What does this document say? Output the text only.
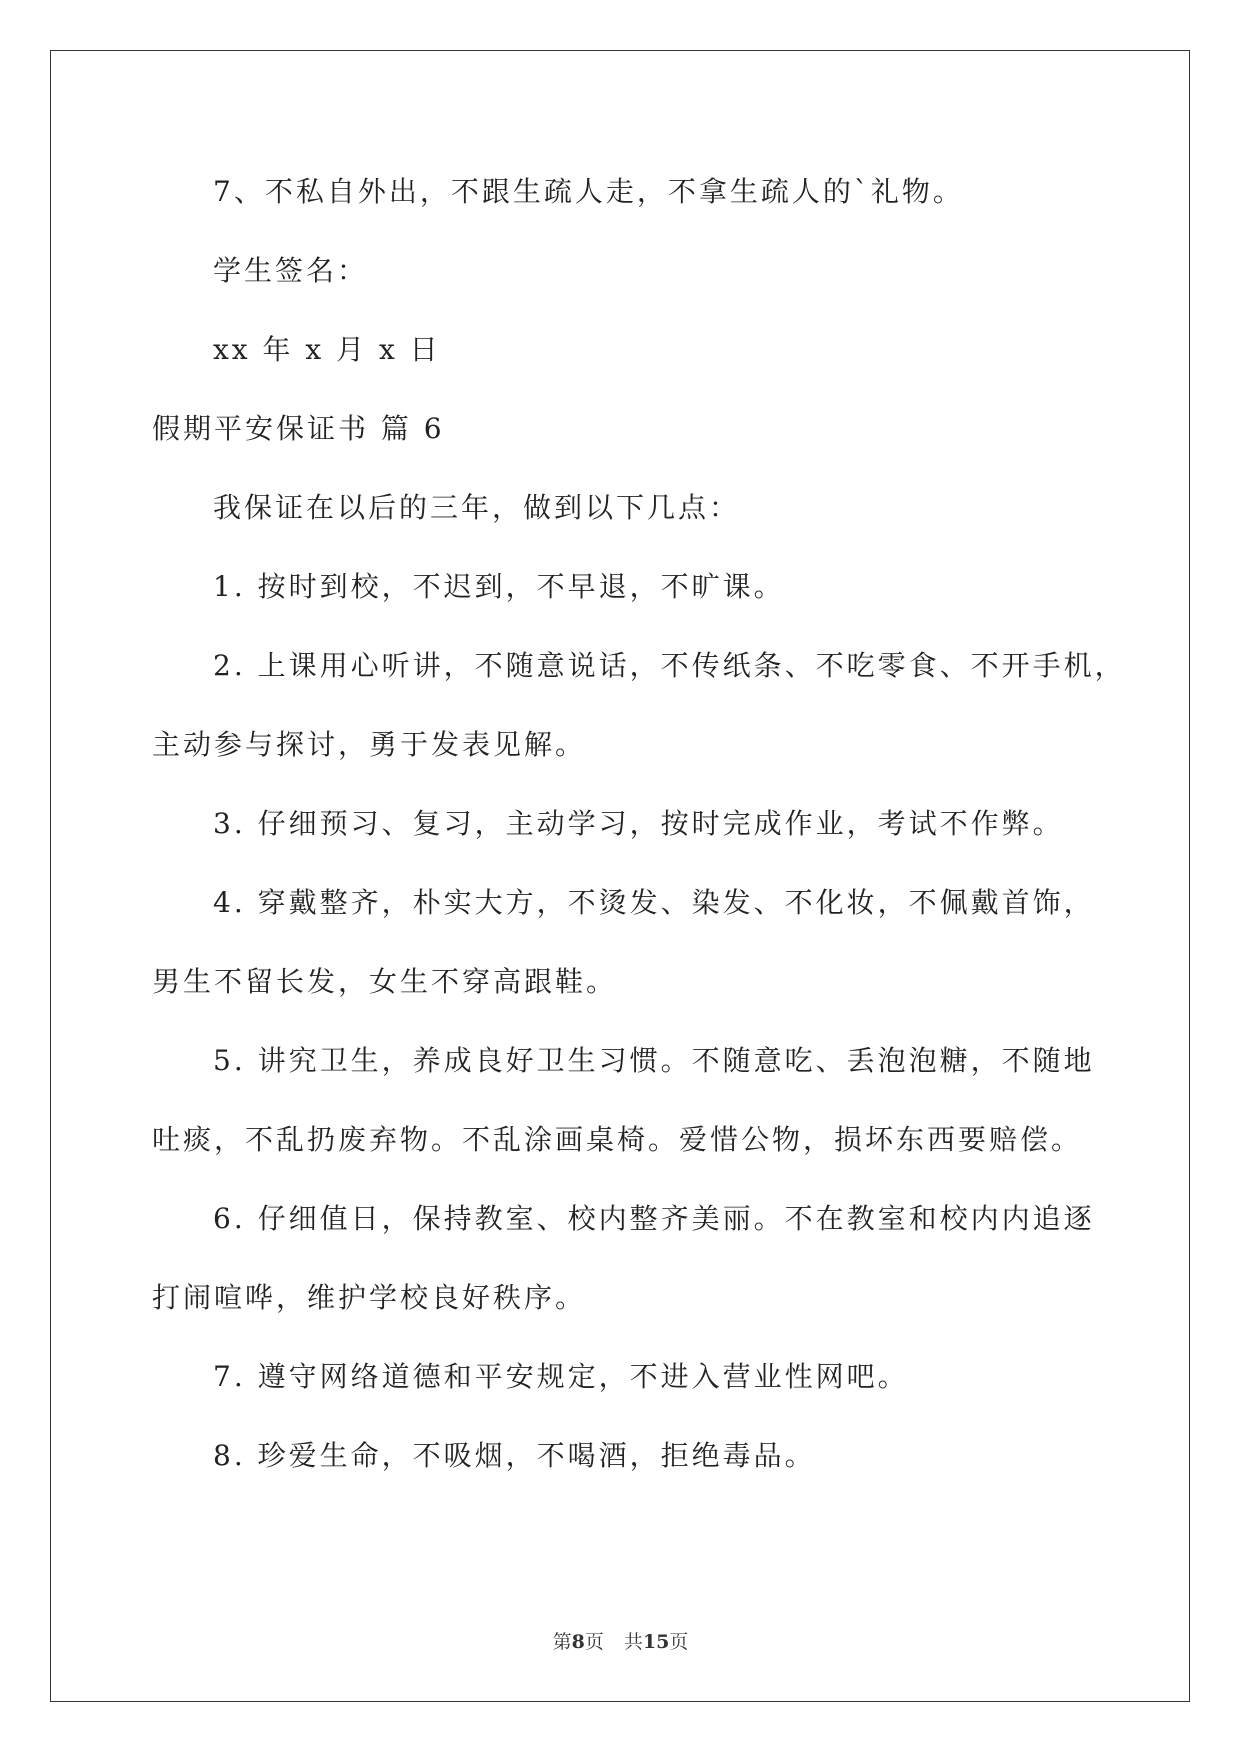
7、不私自外出，不跟生疏人走，不拿生疏人的`礼物。

学生签名：

xx 年 x 月 x 日

假期平安保证书 篇 6

我保证在以后的三年，做到以下几点：

1. 按时到校，不迟到，不早退，不旷课。

2. 上课用心听讲，不随意说话，不传纸条、不吃零食、不开手机，

主动参与探讨，勇于发表见解。

3. 仔细预习、复习，主动学习，按时完成作业，考试不作弊。

4. 穿戴整齐，朴实大方，不烫发、染发、不化妆，不佩戴首饰，

男生不留长发，女生不穿高跟鞋。

5. 讲究卫生，养成良好卫生习惯。不随意吃、丢泡泡糖，不随地

吐痰，不乱扔废弃物。不乱涂画桌椅。爱惜公物，损坏东西要赔偿。

6. 仔细值日，保持教室、校内整齐美丽。不在教室和校内内追逐

打闹喧哗，维护学校良好秩序。

7. 遵守网络道德和平安规定，不进入营业性网吧。

8. 珍爱生命，不吸烟，不喝酒，拒绝毒品。

第8页 共15页
